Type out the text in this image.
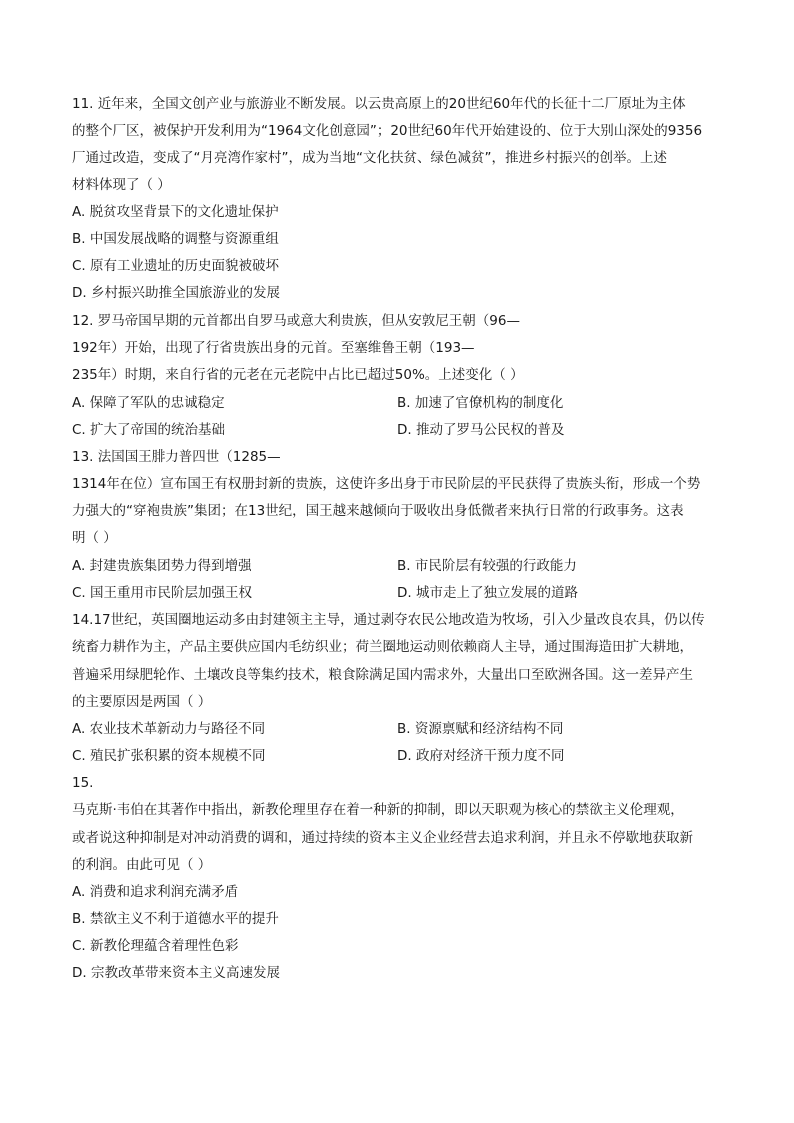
11. 近年来，全国文创产业与旅游业不断发展。以云贵高原上的20世纪60年代的长征十二厂原址为主体
的整个厂区，被保护开发利用为“1964文化创意园”；20世纪60年代开始建设的、位于大别山深处的9356
厂通过改造，变成了“月亮湾作家村”，成为当地“文化扶贫、绿色减贫”，推进乡村振兴的创举。上述
材料体现了（ ）
A. 脱贫攻坚背景下的文化遗址保护
B. 中国发展战略的调整与资源重组
C. 原有工业遗址的历史面貌被破坏
D. 乡村振兴助推全国旅游业的发展
12. 罗马帝国早期的元首都出自罗马或意大利贵族，但从安敦尼王朝（96—
192年）开始，出现了行省贵族出身的元首。至塞维鲁王朝（193—
235年）时期，来自行省的元老在元老院中占比已超过50%。上述变化（ ）
A. 保障了军队的忠诚稳定	B. 加速了官僚机构的制度化
C. 扩大了帝国的统治基础	D. 推动了罗马公民权的普及
13. 法国国王腓力普四世（1285—
1314年在位）宣布国王有权册封新的贵族，这使许多出身于市民阶层的平民获得了贵族头衔，形成一个势
力强大的“穿袍贵族”集团；在13世纪，国王越来越倾向于吸收出身低微者来执行日常的行政事务。这表
明（ ）
A. 封建贵族集团势力得到增强	B. 市民阶层有较强的行政能力
C. 国王重用市民阶层加强王权	D. 城市走上了独立发展的道路
14.17世纪，英国圈地运动多由封建领主主导，通过剥夺农民公地改造为牧场，引入少量改良农具，仍以传
统畜力耕作为主，产品主要供应国内毛纺织业；荷兰圈地运动则依赖商人主导，通过围海造田扩大耕地，
普遍采用绿肥轮作、土壤改良等集约技术，粮食除满足国内需求外，大量出口至欧洲各国。这一差异产生
的主要原因是两国（ ）
A. 农业技术革新动力与路径不同	B. 资源禀赋和经济结构不同
C. 殖民扩张积累的资本规模不同	D. 政府对经济干预力度不同
15.
马克斯·韦伯在其著作中指出，新教伦理里存在着一种新的抑制，即以天职观为核心的禁欲主义伦理观，
或者说这种抑制是对冲动消费的调和，通过持续的资本主义企业经营去追求利润，并且永不停歇地获取新
的利润。由此可见（ ）
A. 消费和追求利润充满矛盾
B. 禁欲主义不利于道德水平的提升
C. 新教伦理蕴含着理性色彩
D. 宗教改革带来资本主义高速发展
